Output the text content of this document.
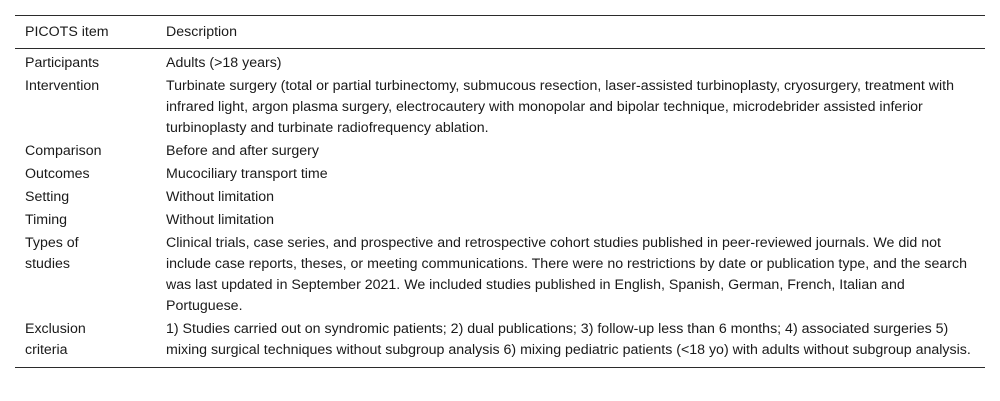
PICOTS item	Description

Participants	Adults (>18 years)

Intervention	Turbinate surgery (total or partial turbinectomy, submucous resection, laser-assisted turbinoplasty, cryosurgery, treatment with infrared light, argon plasma surgery, electrocautery with monopolar and bipolar technique, microdebrider assisted inferior turbinoplasty and turbinate radiofrequency ablation.

Comparison	Before and after surgery

Outcomes	Mucociliary transport time

Setting	Without limitation

Timing	Without limitation

Types of
studies	Clinical trials, case series, and prospective and retrospective cohort studies published in peer-reviewed journals. We did not include case reports, theses, or meeting communications. There were no restrictions by date or publication type, and the search was last updated in September 2021. We included studies published in English, Spanish, German, French, Italian and Portuguese.

Exclusion
criteria	1) Studies carried out on syndromic patients; 2) dual publications; 3) follow-up less than 6 months; 4) associated surgeries 5) mixing surgical techniques without subgroup analysis 6) mixing pediatric patients (<18 yo) with adults without subgroup analysis.
